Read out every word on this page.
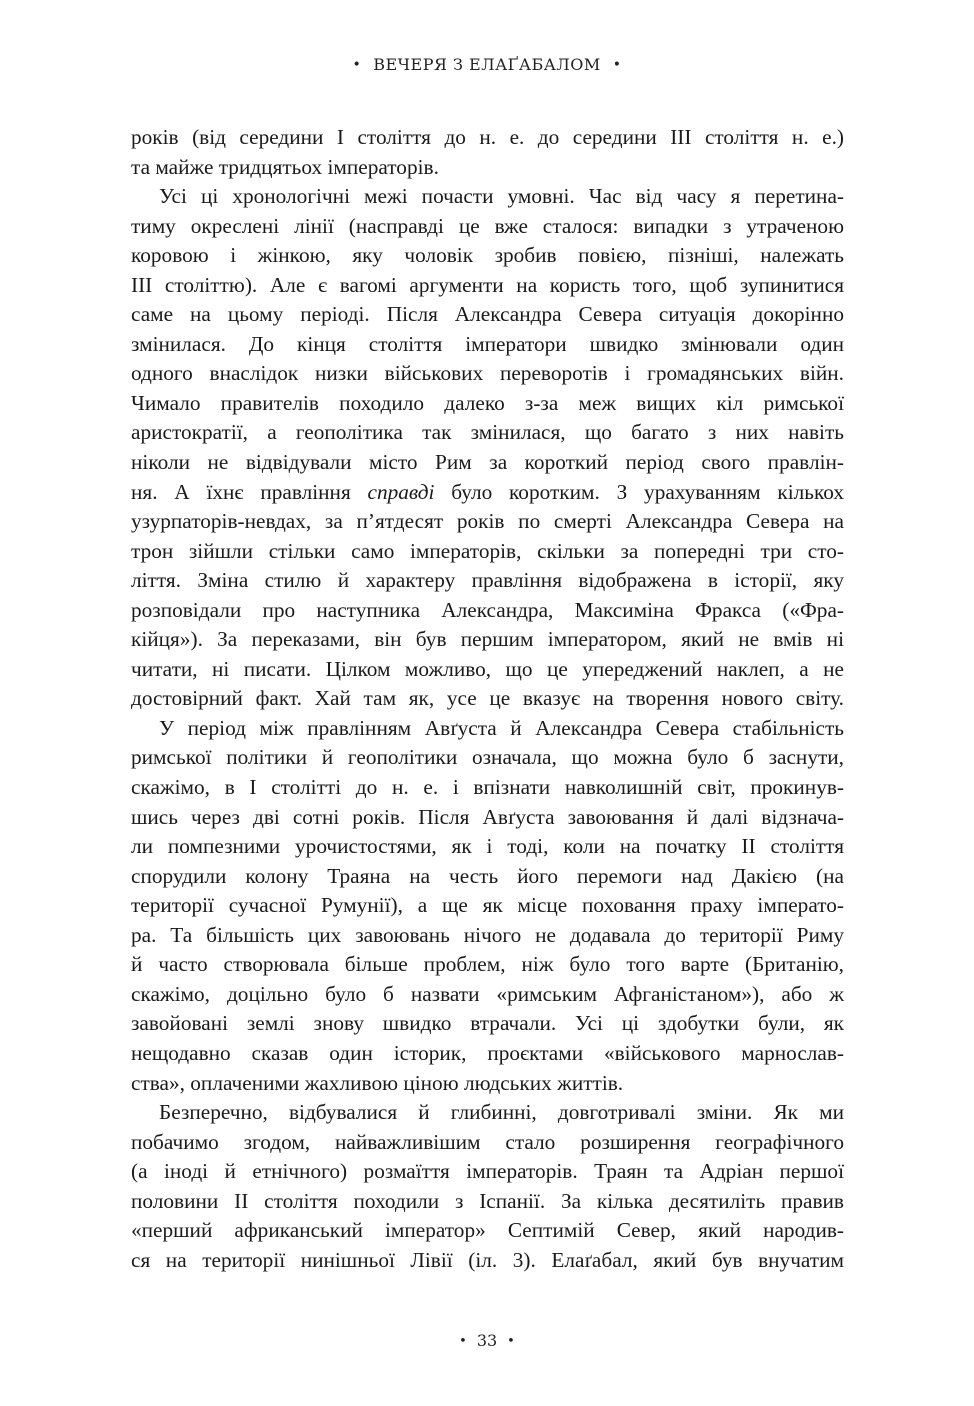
• ВЕЧЕРЯ З ЕЛАҐАБАЛОМ •
років (від середини I століття до н. е. до середини III століття н. е.)
та майже тридцятьох імператорів.
Усі ці хронологічні межі почасти умовні. Час від часу я перетина-
тиму окреслені лінії (насправді це вже сталося: випадки з утраченою
коровою і жінкою, яку чоловік зробив повією, пізніші, належать
III століттю). Але є вагомі аргументи на користь того, щоб зупинитися
саме на цьому періоді. Після Александра Севера ситуація докорінно
змінилася. До кінця століття імператори швидко змінювали один
одного внаслідок низки військових переворотів і громадянських війн.
Чимало правителів походило далеко з-за меж вищих кіл римської
аристократії, а геополітика так змінилася, що багато з них навіть
ніколи не відвідували місто Рим за короткий період свого правлін-
ня. А їхнє правління справді було коротким. З урахуванням кількох
узурпаторів-невдах, за п’ятдесят років по смерті Александра Севера на
трон зійшли стільки само імператорів, скільки за попередні три сто-
ліття. Зміна стилю й характеру правління відображена в історії, яку
розповідали про наступника Александра, Максиміна Фракса («Фра-
кійця»). За переказами, він був першим імператором, який не вмів ні
читати, ні писати. Цілком можливо, що це упереджений наклеп, а не
достовірний факт. Хай там як, усе це вказує на творення нового світу.
У період між правлінням Авґуста й Александра Севера стабільність
римської політики й геополітики означала, що можна було б заснути,
скажімо, в I столітті до н. е. і впізнати навколишній світ, прокинув-
шись через дві сотні років. Після Авґуста завоювання й далі відзнача-
ли помпезними урочистостями, як і тоді, коли на початку II століття
спорудили колону Траяна на честь його перемоги над Дакією (на
території сучасної Румунії), а ще як місце поховання праху імперато-
ра. Та більшість цих завоювань нічого не додавала до території Риму
й часто створювала більше проблем, ніж було того варте (Британію,
скажімо, доцільно було б назвати «римським Афганістаном»), або ж
завойовані землі знову швидко втрачали. Усі ці здобутки були, як
нещодавно сказав один історик, проєктами «військового марнослав-
ства», оплаченими жахливою ціною людських життів.
Безперечно, відбувалися й глибинні, довготривалі зміни. Як ми
побачимо згодом, найважливішим стало розширення географічного
(а іноді й етнічного) розмаїття імператорів. Траян та Адріан першої
половини II століття походили з Іспанії. За кілька десятиліть правив
«перший африканський імператор» Септимій Север, який народив-
ся на території нинішньої Лівії (іл. 3). Елаґабал, який був внучатим
• 33 •
